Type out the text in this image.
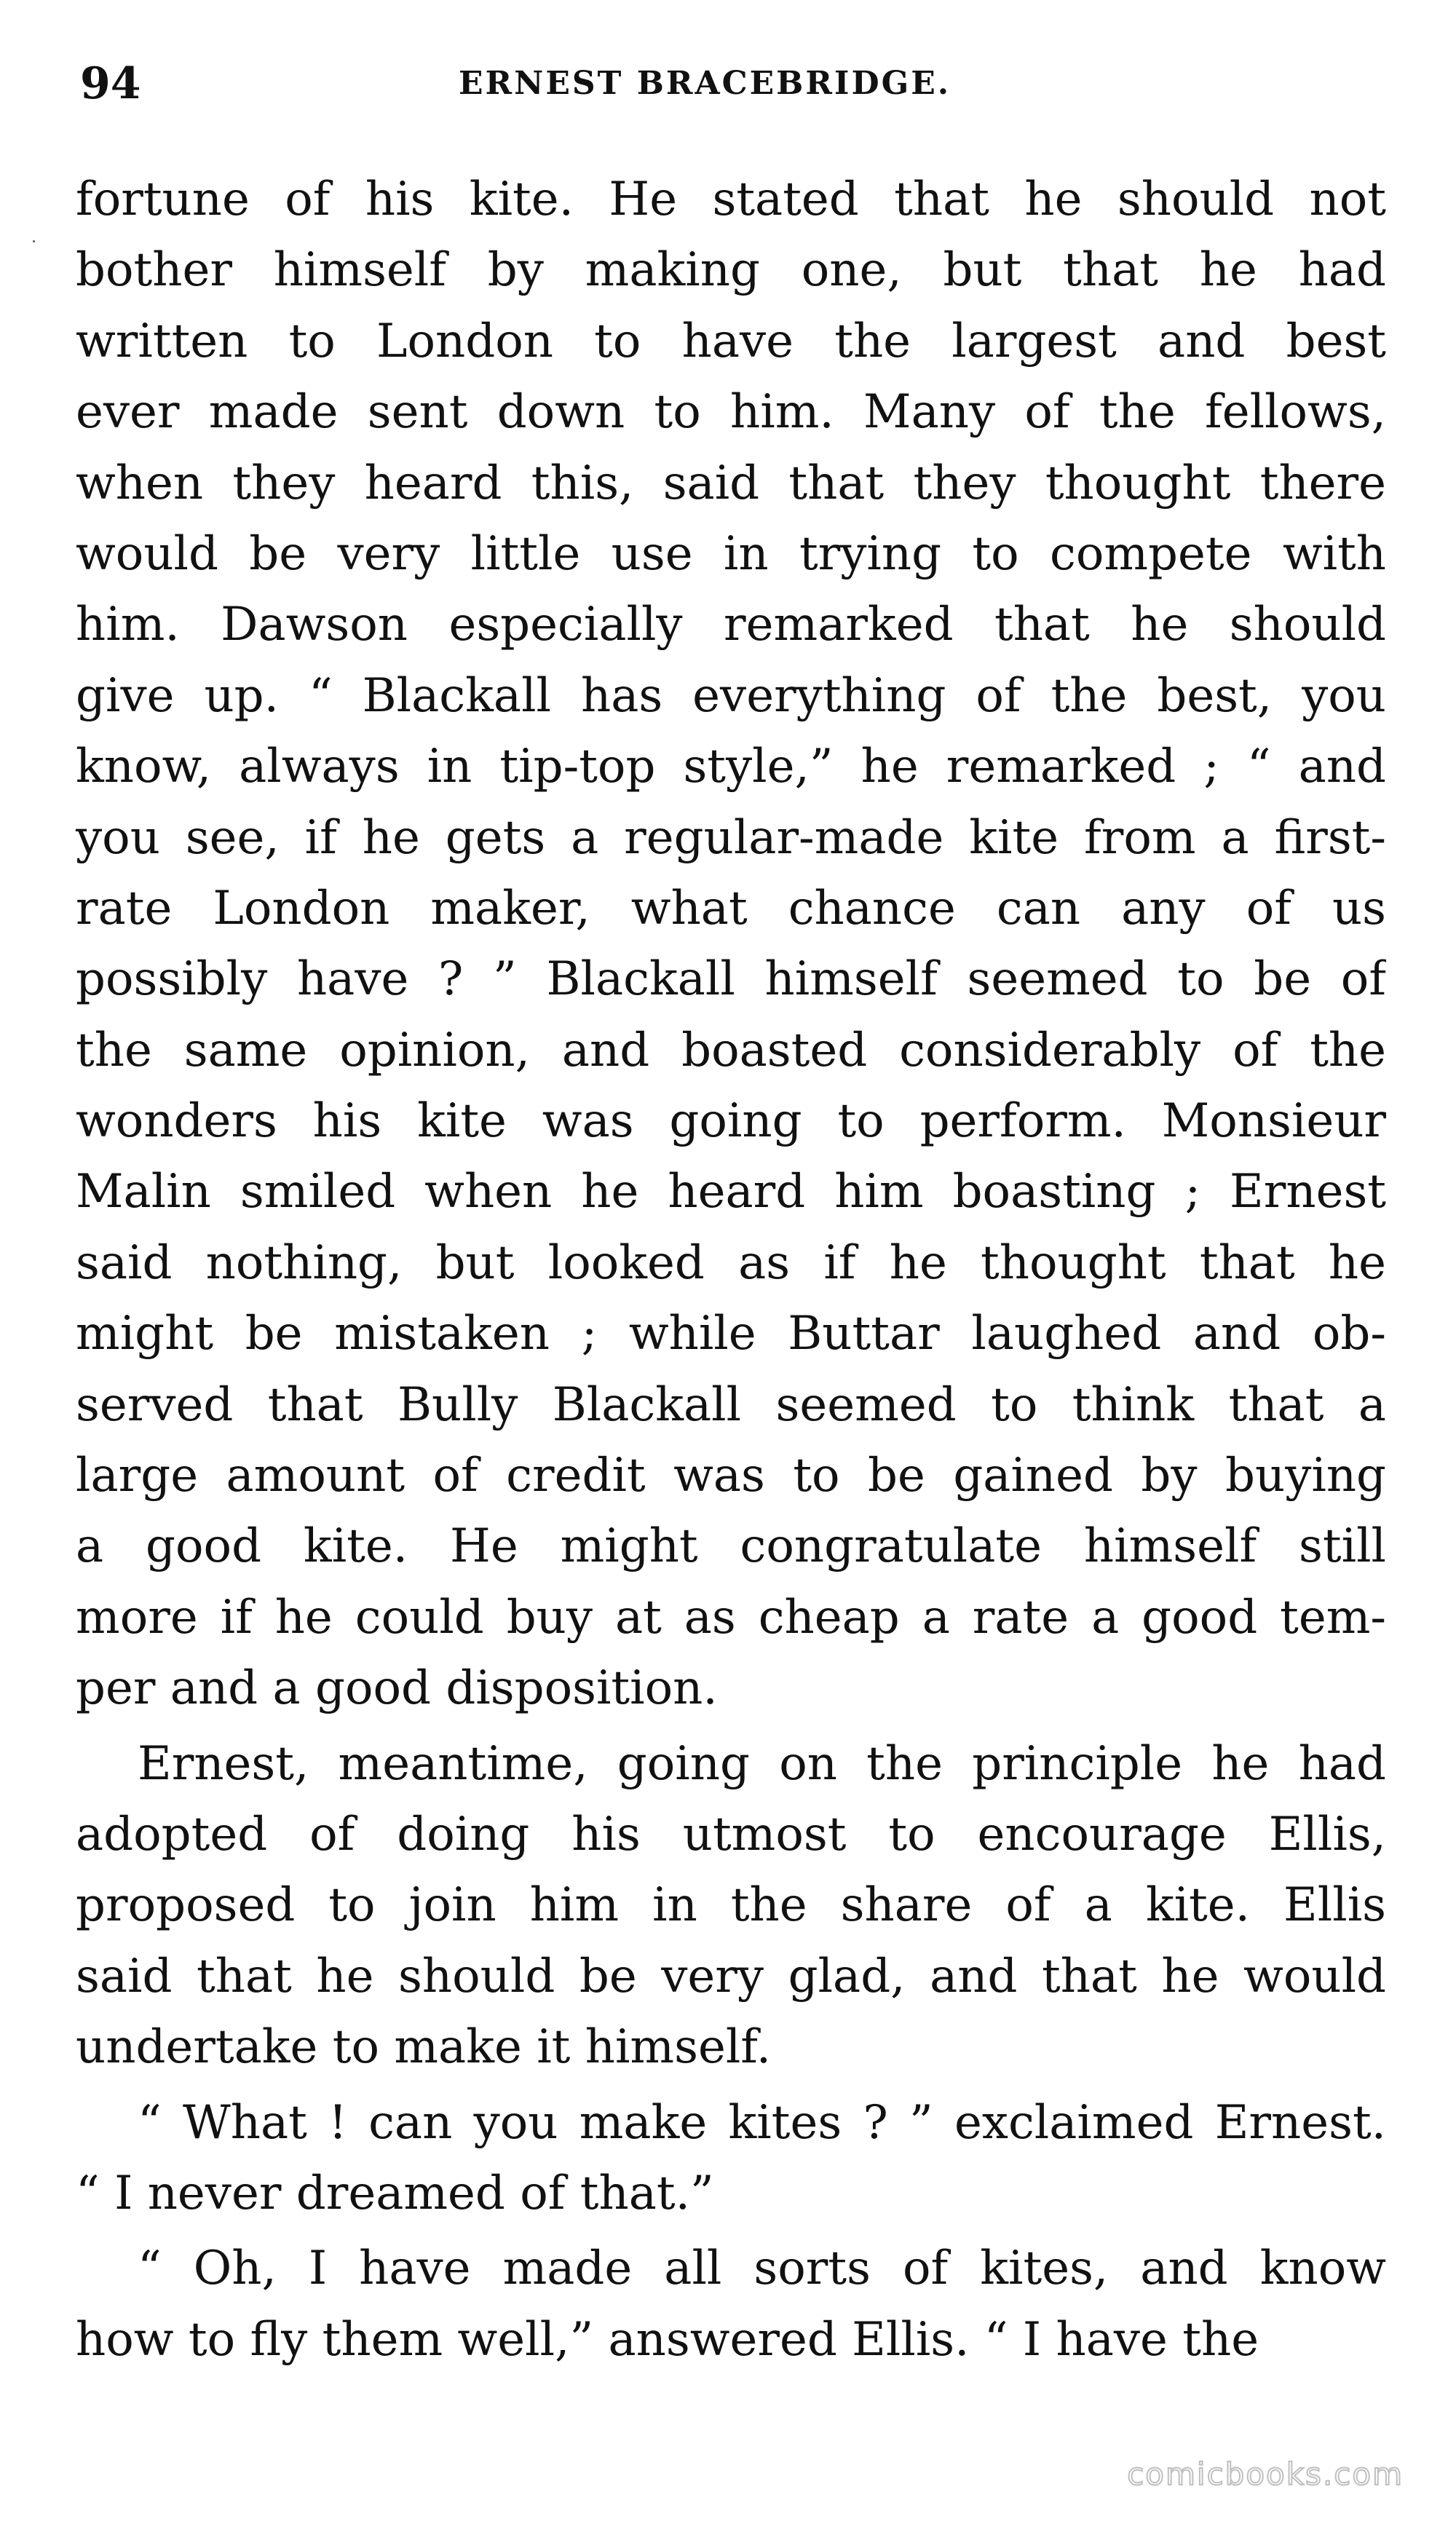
94	ERNEST BRACEBRIDGE.
fortune of his kite. He stated that he should not
bother himself by making one, but that he had
written to London to have the largest and best
ever made sent down to him. Many of the fellows,
when they heard this, said that they thought there
would be very little use in trying to compete with
him. Dawson especially remarked that he should
give up. “ Blackall has everything of the best, you
know, always in tip-top style,” he remarked ; “ and
you see, if he gets a regular-made kite from a first-
rate London maker, what chance can any of us
possibly have ? ” Blackall himself seemed to be of
the same opinion, and boasted considerably of the
wonders his kite was going to perform. Monsieur
Malin smiled when he heard him boasting ; Ernest
said nothing, but looked as if he thought that he
might be mistaken ; while Buttar laughed and ob-
served that Bully Blackall seemed to think that a
large amount of credit was to be gained by buying
a good kite. He might congratulate himself still
more if he could buy at as cheap a rate a good tem-
per and a good disposition.
Ernest, meantime, going on the principle he had
adopted of doing his utmost to encourage Ellis,
proposed to join him in the share of a kite. Ellis
said that he should be very glad, and that he would
undertake to make it himself.
“ What ! can you make kites ? ” exclaimed Ernest.
“ I never dreamed of that.”
“ Oh, I have made all sorts of kites, and know
how to fly them well,” answered Ellis. “ I have the
comicbooks.com
